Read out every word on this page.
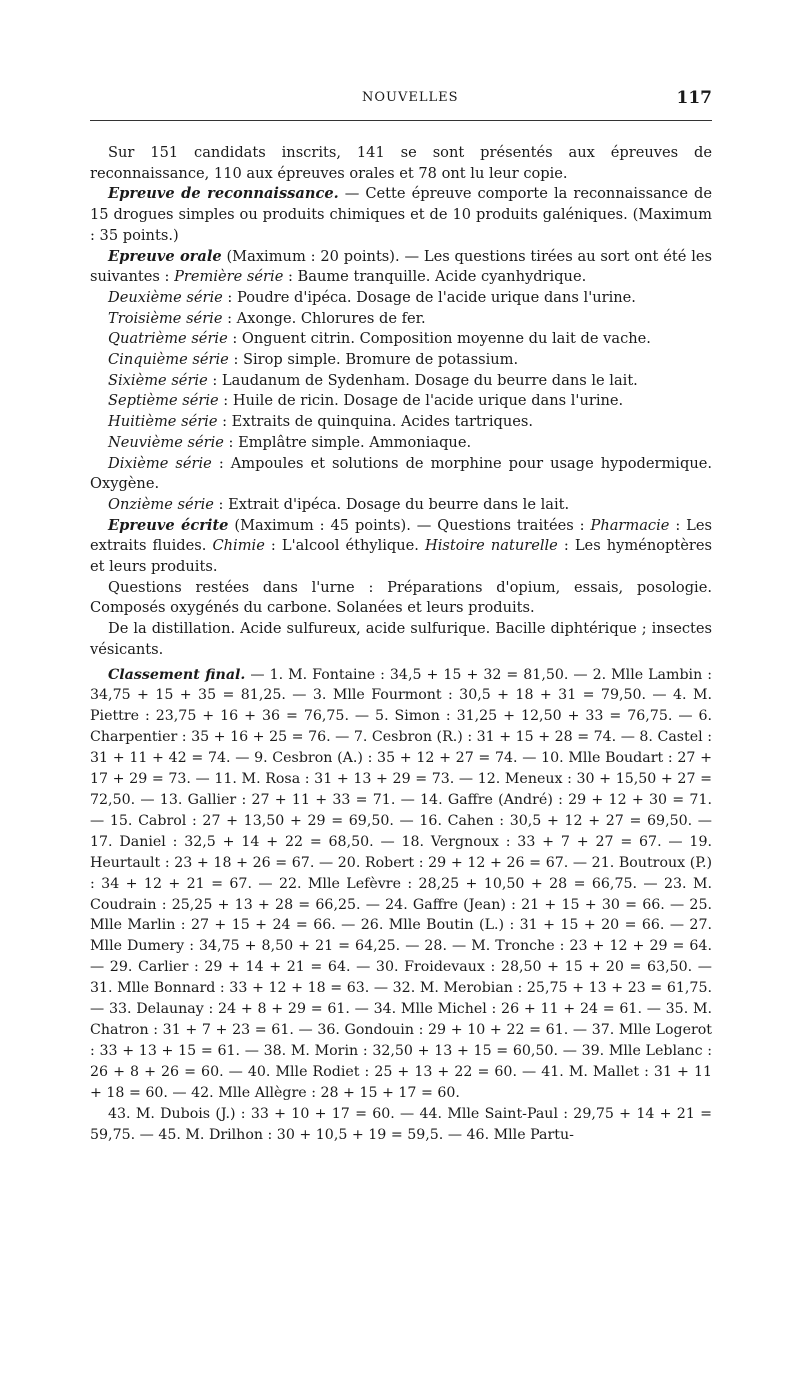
NOUVELLES	117

Sur 151 candidats inscrits, 141 se sont présentés aux épreuves de reconnaissance, 110 aux épreuves orales et 78 ont lu leur copie.

Epreuve de reconnaissance. — Cette épreuve comporte la reconnaissance de 15 drogues simples ou produits chimiques et de 10 produits galéniques. (Maximum : 35 points.)

Epreuve orale (Maximum : 20 points). — Les questions tirées au sort ont été les suivantes : Première série : Baume tranquille. Acide cyanhydrique.

Deuxième série : Poudre d'ipéca. Dosage de l'acide urique dans l'urine.

Troisième série : Axonge. Chlorures de fer.

Quatrième série : Onguent citrin. Composition moyenne du lait de vache.

Cinquième série : Sirop simple. Bromure de potassium.

Sixième série : Laudanum de Sydenham. Dosage du beurre dans le lait.

Septième série : Huile de ricin. Dosage de l'acide urique dans l'urine.

Huitième série : Extraits de quinquina. Acides tartriques.

Neuvième série : Emplâtre simple. Ammoniaque.

Dixième série : Ampoules et solutions de morphine pour usage hypodermique. Oxygène.

Onzième série : Extrait d'ipéca. Dosage du beurre dans le lait.

Epreuve écrite (Maximum : 45 points). — Questions traitées : Pharmacie : Les extraits fluides. Chimie : L'alcool éthylique. Histoire naturelle : Les hyménoptères et leurs produits.

Questions restées dans l'urne : Préparations d'opium, essais, posologie. Composés oxygénés du carbone. Solanées et leurs produits.

De la distillation. Acide sulfureux, acide sulfurique. Bacille diphtérique ; insectes vésicants.

Classement final. — 1. M. Fontaine : 34,5 + 15 + 32 = 81,50. — 2. Mlle Lambin : 34,75 + 15 + 35 = 81,25. — 3. Mlle Fourmont : 30,5 + 18 + 31 = 79,50. — 4. M. Piettre : 23,75 + 16 + 36 = 76,75. — 5. Simon : 31,25 + 12,50 + 33 = 76,75. — 6. Charpentier : 35 + 16 + 25 = 76. — 7. Cesbron (R.) : 31 + 15 + 28 = 74. — 8. Castel : 31 + 11 + 42 = 74. — 9. Cesbron (A.) : 35 + 12 + 27 = 74. — 10. Mlle Boudart : 27 + 17 + 29 = 73. — 11. M. Rosa : 31 + 13 + 29 = 73. — 12. Meneux : 30 + 15,50 + 27 = 72,50. — 13. Gallier : 27 + 11 + 33 = 71. — 14. Gaffre (André) : 29 + 12 + 30 = 71. — 15. Cabrol : 27 + 13,50 + 29 = 69,50. — 16. Cahen : 30,5 + 12 + 27 = 69,50. — 17. Daniel : 32,5 + 14 + 22 = 68,50. — 18. Vergnoux : 33 + 7 + 27 = 67. — 19. Heurtault : 23 + 18 + 26 = 67. — 20. Robert : 29 + 12 + 26 = 67. — 21. Boutroux (P.) : 34 + 12 + 21 = 67. — 22. Mlle Lefèvre : 28,25 + 10,50 + 28 = 66,75. — 23. M. Coudrain : 25,25 + 13 + 28 = 66,25. — 24. Gaffre (Jean) : 21 + 15 + 30 = 66. — 25. Mlle Marlin : 27 + 15 + 24 = 66. — 26. Mlle Boutin (L.) : 31 + 15 + 20 = 66. — 27. Mlle Dumery : 34,75 + 8,50 + 21 = 64,25. — 28. — M. Tronche : 23 + 12 + 29 = 64. — 29. Carlier : 29 + 14 + 21 = 64. — 30. Froidevaux : 28,50 + 15 + 20 = 63,50. — 31. Mlle Bonnard : 33 + 12 + 18 = 63. — 32. M. Merobian : 25,75 + 13 + 23 = 61,75. — 33. Delaunay : 24 + 8 + 29 = 61. — 34. Mlle Michel : 26 + 11 + 24 = 61. — 35. M. Chatron : 31 + 7 + 23 = 61. — 36. Gondouin : 29 + 10 + 22 = 61. — 37. Mlle Logerot : 33 + 13 + 15 = 61. — 38. M. Morin : 32,50 + 13 + 15 = 60,50. — 39. Mlle Leblanc : 26 + 8 + 26 = 60. — 40. Mlle Rodiet : 25 + 13 + 22 = 60. — 41. M. Mallet : 31 + 11 + 18 = 60. — 42. Mlle Allègre : 28 + 15 + 17 = 60.

43. M. Dubois (J.) : 33 + 10 + 17 = 60. — 44. Mlle Saint-Paul : 29,75 + 14 + 21 = 59,75. — 45. M. Drilhon : 30 + 10,5 + 19 = 59,5. — 46. Mlle Partu-
